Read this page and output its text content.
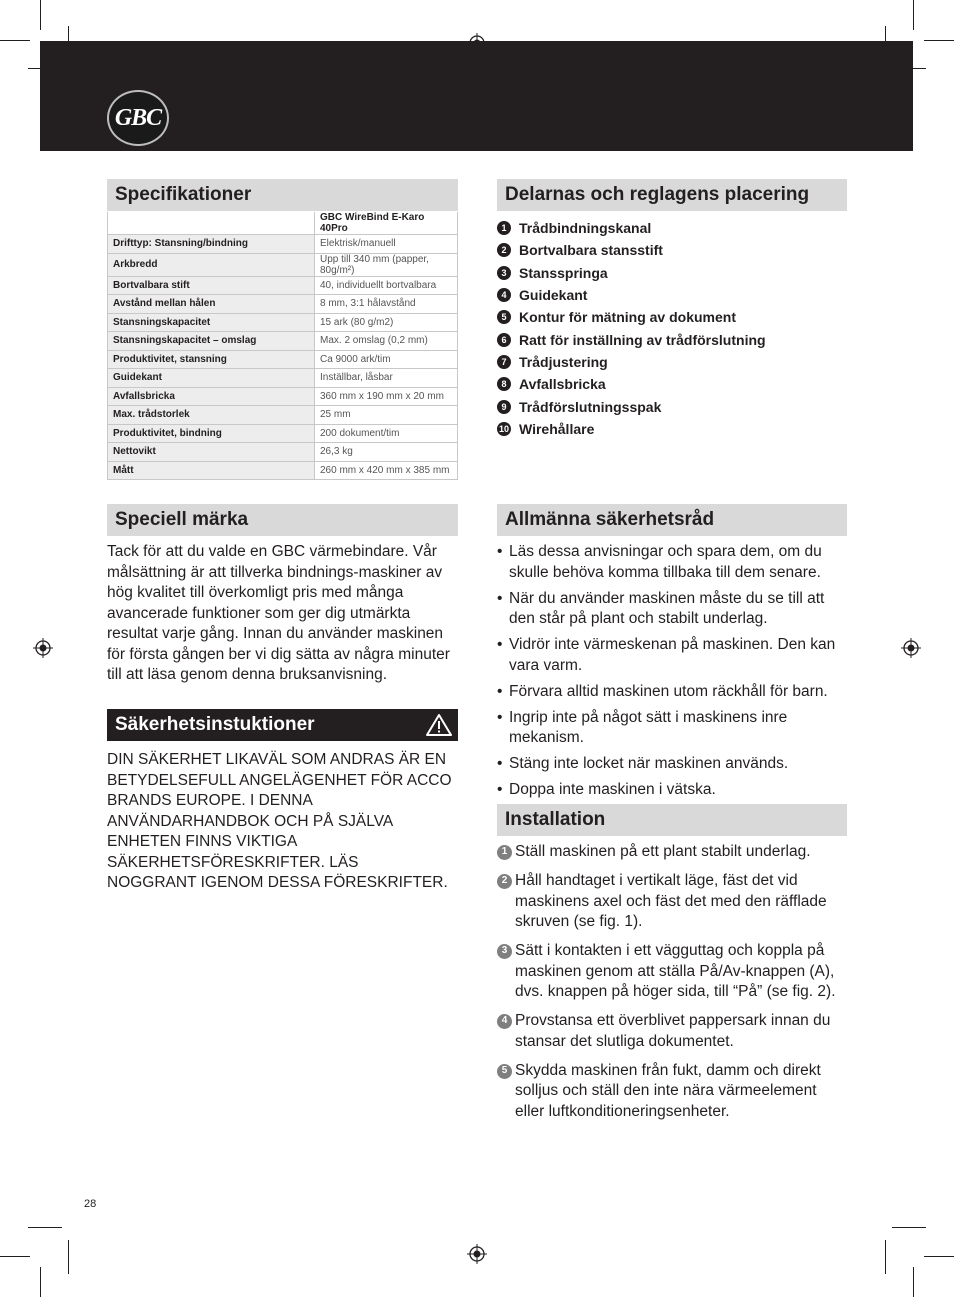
GBC
Specifikationer
	GBC WireBind E-Karo 40Pro
Drifttyp: Stansning/bindning	Elektrisk/manuell
Arkbredd	Upp till 340 mm (papper, 80g/m²)
Bortvalbara stift	40, individuellt bortvalbara
Avstånd mellan hålen	8 mm, 3:1 hålavstånd
Stansningskapacitet	15 ark (80 g/m2)
Stansningskapacitet – omslag	Max. 2 omslag (0,2 mm)
Produktivitet, stansning	Ca 9000 ark/tim
Guidekant	Inställbar, låsbar
Avfallsbricka	360 mm x 190 mm x 20 mm
Max. trådstorlek	25 mm
Produktivitet, bindning	200 dokument/tim
Nettovikt	26,3 kg
Mått	260 mm x 420 mm x 385 mm
Delarnas och reglagens placering
1 Trådbindningskanal
2 Bortvalbara stansstift
3 Stansspringa
4 Guidekant
5 Kontur för mätning av dokument
6 Ratt för inställning av trådförslutning
7 Trådjustering
8 Avfallsbricka
9 Trådförslutningsspak
10 Wirehållare
Speciell märka

Tack för att du valde en GBC värmebindare. Vår målsättning är att tillverka bindnings-maskiner av hög kvalitet till överkomligt pris med många avancerade funktioner som ger dig utmärkta resultat varje gång. Innan du använder maskinen för första gången ber vi dig sätta av några minuter till att läsa genom denna bruksanvisning.

Säkerhetsinstuktioner

DIN SÄKERHET LIKAVÄL SOM ANDRAS ÄR EN BETYDELSEFULL ANGELÄGENHET FÖR ACCO BRANDS EUROPE. I DENNA ANVÄNDARHANDBOK OCH PÅ SJÄLVA ENHETEN FINNS VIKTIGA SÄKERHETSFÖRESKRIFTER. LÄS NOGGRANT IGENOM DESSA FÖRESKRIFTER.

Allmänna säkerhetsråd
• Läs dessa anvisningar och spara dem, om du skulle behöva komma tillbaka till dem senare.
• När du använder maskinen måste du se till att den står på plant och stabilt underlag.
• Vidrör inte värmeskenan på maskinen. Den kan vara varm.
• Förvara alltid maskinen utom räckhåll för barn.
• Ingrip inte på något sätt i maskinens inre mekanism.
• Stäng inte locket när maskinen används.
• Doppa inte maskinen i vätska.
Installation
1 Ställ maskinen på ett plant stabilt underlag.
2 Håll handtaget i vertikalt läge, fäst det vid maskinens axel och fäst det med den räfflade skruven (se fig. 1).
3 Sätt i kontakten i ett vägguttag och koppla på maskinen genom att ställa På/Av-knappen (A), dvs. knappen på höger sida, till “På” (se fig. 2).
4 Provstansa ett överblivet pappersark innan du stansar det slutliga dokumentet.
5 Skydda maskinen från fukt, damm och direkt solljus och ställ den inte nära värmeelement eller luftkonditioneringsenheter.
28
